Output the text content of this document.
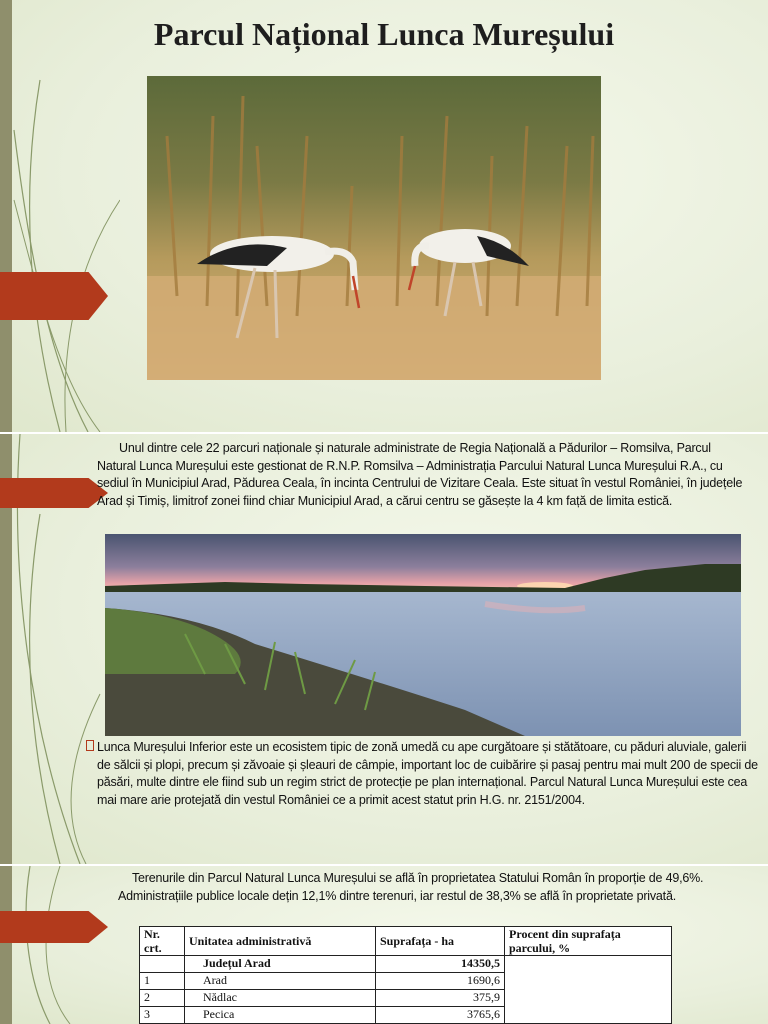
Parcul Național Lunca Mureșului
Unul dintre cele 22 parcuri naționale și naturale administrate de Regia Națională a Pădurilor – Romsilva, Parcul Natural Lunca Mureșului este gestionat de R.N.P. Romsilva – Administrația Parcului Natural Lunca Mureșului R.A., cu sediul în Municipiul Arad, Pădurea Ceala, în incinta Centrului de Vizitare Ceala. Este situat în vestul României, în județele Arad și Timiș, limitrof zonei fiind chiar Municipiul Arad, a cărui centru se găsește la 4 km față de limita estică.
Lunca Mureșului Inferior este un ecosistem tipic de zonă umedă cu ape curgătoare și stătătoare, cu păduri aluviale, galerii de sălcii și plopi, precum și zăvoaie și șleauri de câmpie, important loc de cuibărire și pasaj pentru mai mult 200 de specii de păsări, multe dintre ele fiind sub un regim strict de protecție pe plan internațional. Parcul Natural Lunca Mureșului este cea mai mare arie protejată din vestul României ce a primit acest statut prin H.G. nr. 2151/2004.
Terenurile din Parcul Natural Lunca Mureșului se află în proprietatea Statului Român în proporție de 49,6%. Administrațiile publice locale dețin 12,1% dintre terenuri, iar restul de 38,3% se află în proprietate privată.
Nr. crt.	Unitatea administrativă	Suprafața - ha	Procent din suprafața parcului, %
	Județul Arad	14350,5	
1	Arad	1690,6	
2	Nădlac	375,9	
3	Pecica	3765,6	
